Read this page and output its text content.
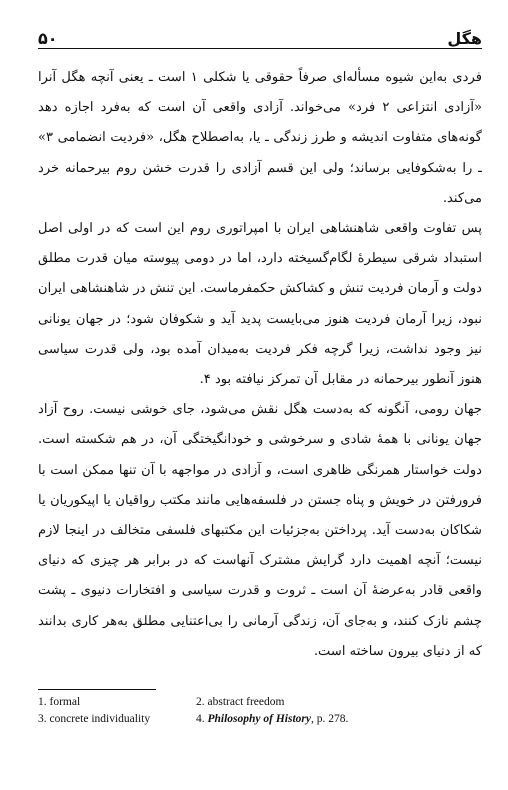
هگل
۵۰

فردی به‌این شیوه مسأله‌ای صرفاً حقوقی یا شکلی ۱ است ـ یعنی آنچه هگل آنرا «آزادی انتزاعی ۲ فرد» می‌خواند. آزادی واقعی آن است که به‌فرد اجازه دهد گونه‌های متفاوت اندیشه و طرز زندگی ـ یا، به‌اصطلاح هگل، «فردیت انضمامی ۳» ـ را به‌شکوفایی برساند؛ ولی این قسم آزادی را قدرت خشن روم بیرحمانه خرد می‌کند.

پس تفاوت واقعی شاهنشاهی ایران با امپراتوری روم این است که در اولی اصل استبداد شرقی سیطرهٔ لگام‌گسیخته دارد، اما در دومی پیوسته میان قدرت مطلق دولت و آرمان فردیت تنش و کشاکش حکمفرماست. این تنش در شاهنشاهی ایران نبود، زیرا آرمان فردیت هنوز می‌بایست پدید آید و شکوفان شود؛ در جهان یونانی نیز وجود نداشت، زیرا گرچه فکر فردیت به‌میدان آمده بود، ولی قدرت سیاسی هنوز آنطور بیرحمانه در مقابل آن تمرکز نیافته بود ۴.

جهان رومی، آنگونه که به‌دست هگل نقش می‌شود، جای خوشی نیست. روح آزاد جهان یونانی با همهٔ شادی و سرخوشی و خودانگیختگی آن، در هم شکسته است. دولت خواستار همرنگی ظاهری است، و آزادی در مواجهه با آن تنها ممکن است با فرورفتن در خویش و پناه جستن در فلسفه‌هایی مانند مکتب رواقیان یا اپیکوریان یا شکاکان به‌دست آید. پرداختن به‌جزئیات این مکتبهای فلسفی متخالف در اینجا لازم نیست؛ آنچه اهمیت دارد گرایش مشترک آنهاست که در برابر هر چیزی که دنیای واقعی قادر به‌عرضهٔ آن است ـ ثروت و قدرت سیاسی و افتخارات دنیوی ـ پشت چشم نازک کنند، و به‌جای آن، زندگی آرمانی را بی‌اعتنایی مطلق به‌هر کاری بدانند که از دنیای بیرون ساخته است.

1. formal	2. abstract freedom
3. concrete individuality	4. Philosophy of History, p. 278.
